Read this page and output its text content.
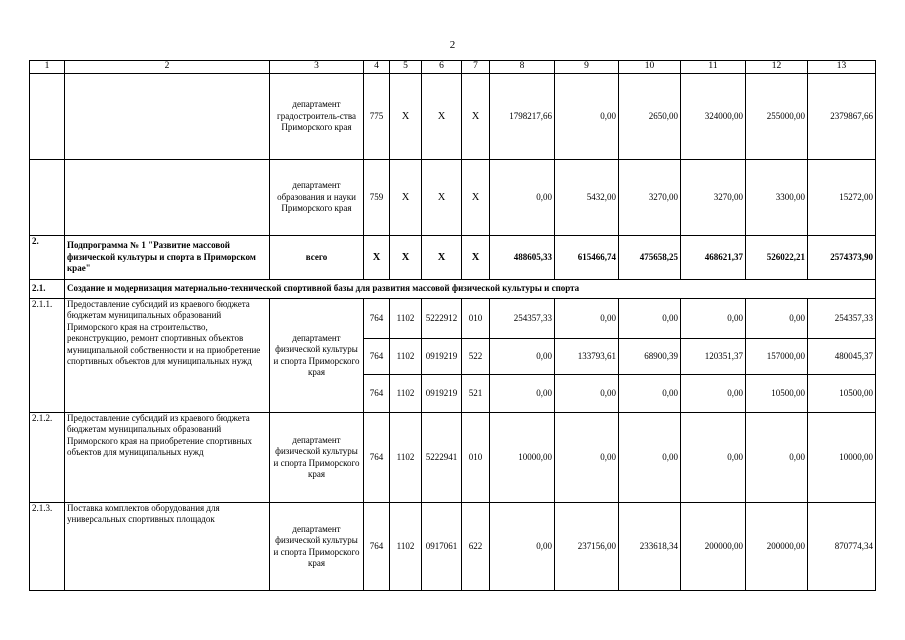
2
1	2	3	4	5	6	7	8	9	10	11	12	13
		департамент градостроитель-ства Приморского края	775	Х	Х	Х	1798217,66	0,00	2650,00	324000,00	255000,00	2379867,66
		департамент образования и науки Приморского края	759	Х	Х	Х	0,00	5432,00	3270,00	3270,00	3300,00	15272,00
2.	Подпрограмма № 1 "Развитие массовой физической культуры и спорта в Приморском крае"	всего	Х	Х	Х	Х	488605,33	615466,74	475658,25	468621,37	526022,21	2574373,90
2.1.	Создание и модернизация материально-технической спортивной базы для развития массовой физической культуры и спорта											
2.1.1.	Предоставление субсидий из краевого бюджета бюджетам муниципальных образований Приморского края на строительство, реконструкцию, ремонт спортивных объектов муниципальной собственности и на приобретение спортивных объектов для муниципальных нужд	департамент физической культуры и спорта Приморского края	764	1102	5222912	010	254357,33	0,00	0,00	0,00	0,00	254357,33
			764	1102	0919219	522	0,00	133793,61	68900,39	120351,37	157000,00	480045,37
			764	1102	0919219	521	0,00	0,00	0,00	0,00	10500,00	10500,00
2.1.2.	Предоставление субсидий из краевого бюджета бюджетам муниципальных образований Приморского края на приобретение спортивных объектов для муниципальных нужд	департамент физической культуры и спорта Приморского края	764	1102	5222941	010	10000,00	0,00	0,00	0,00	0,00	10000,00
2.1.3.	Поставка комплектов оборудования для универсальных спортивных площадок	департамент физической культуры и спорта Приморского края	764	1102	0917061	622	0,00	237156,00	233618,34	200000,00	200000,00	870774,34
